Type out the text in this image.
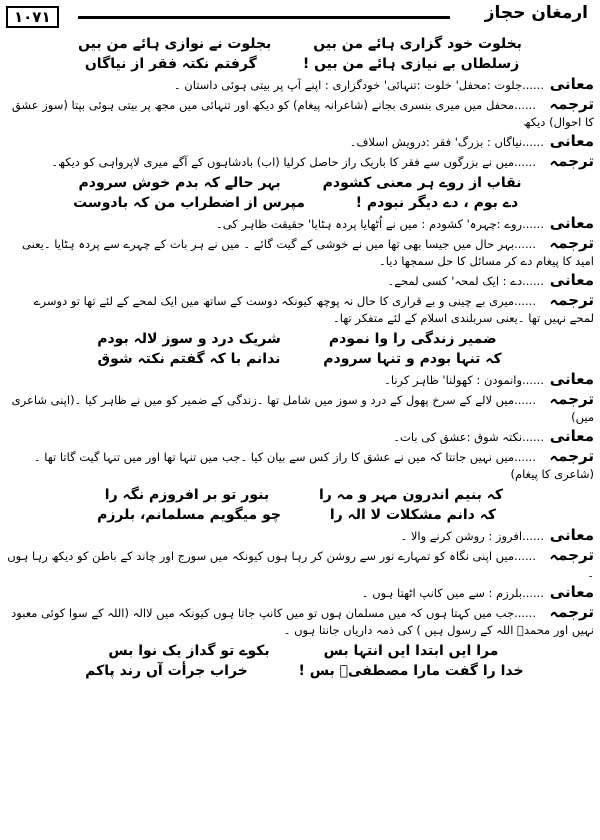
۱۰۷۱	ارمغان حجاز
بخلوت خود گزاری ہائے من بیں
بجلوت نے نوازی ہائے من بیں
زسلطاں بے نیازی ہائے من بیں !
گرفتم نکتہ فقر از نیاگاں
معانی......جلوت :محفل' خلوت :تنہائی' خودگزاری : اپنے آپ پر بیتی ہوئی داستان ۔
ترجمہ......محفل میں میری بنسری بجانے (شاعرانہ پیغام) کو دیکھ اور تنہائی میں مجھ پر بیتی ہوئی بپتا (سوز عشق کا احوال) دیکھ
معانی......نیاگاں : بزرگ' فقر :درویش اسلاف۔
ترجمہ......میں نے بزرگوں سے فقر کا باریک راز حاصل کرلیا (اب) بادشاہوں کے آگے میری لاپرواہی کو دیکھ۔
نقاب از روے ہر معنی کشودم
بہر حالے کہ بدم خوش سرودم
دے بوم ، دے دیگر نبودم !
مپرس از اضطراب من کہ بادوست
معانی......روے :چہرہ' کشودم : میں نے اُٹھایا پردہ ہٹایا' حقیقت ظاہر کی۔
ترجمہ......بہر حال میں جیسا بھی تھا میں نے خوشی کے گیت گائے ۔ میں نے ہر بات کے چہرے سے پردہ ہٹایا ۔یعنی امید کا پیغام دے کر مسائل کا حل سمجھا دیا۔
معانی......دے : ایک لمحہ' کسی لمحے۔
ترجمہ......میری بے چینی و بے قراری کا حال نہ پوچھ کیونکہ دوست کے ساتھ میں ایک لمحے کے لئے تھا تو دوسرے لمحے نہیں تھا ۔یعنی سربلندی اسلام کے لئے متفکر تھا۔
ضمیر زندگی را وا نمودم
شریک درد و سوز لالہ بودم
کہ تنہا بودم و تنہا سرودم
ندانم با کہ گفتم نکتہ شوق
معانی......وانمودن : کھولنا' ظاہر کرنا۔
ترجمہ......میں لالے کے سرخ پھول کے درد و سوز میں شامل تھا ۔زندگی کے ضمیر کو میں نے ظاہر کیا ۔(اپنی شاعری میں)
معانی......نکتہ شوق :عشق کی بات۔
ترجمہ......میں نہیں جانتا کہ میں نے عشق کا راز کس سے بیان کیا ۔جب میں تنہا تھا اور میں تنہا گیت گاتا تھا ۔ (شاعری کا پیغام)
کہ بنیم اندرون مہر و مہ را
بنور تو بر افروزم نگہ را
کہ دانم مشکلات لا الہ را
چو میگویم مسلمانم، بلرزم
معانی......افروز : روشن کرنے والا ۔
ترجمہ......میں اپنی نگاہ کو تمہارے نور سے روشن کر رہا ہوں کیونکہ میں سورج اور چاند کے باطن کو دیکھ رہا ہوں ۔
معانی......بلرزم : سے میں کانپ اٹھتا ہوں ۔
ترجمہ......جب میں کہتا ہوں کہ میں مسلمان ہوں تو میں کانپ جاتا ہوں کیونکہ میں لاالہ (اللہ کے سوا کوئی معبود نہیں اور محمدؐ اللہ کے رسول ہیں ) کی ذمہ داریاں جانتا ہوں ۔
مرا ایں ابتدا ایں انتہا بس
بکوے تو گداز یک نوا بس
خدا را گفت مارا مصطفیؐ بس !
خراب جرأت آں رند پاکم
